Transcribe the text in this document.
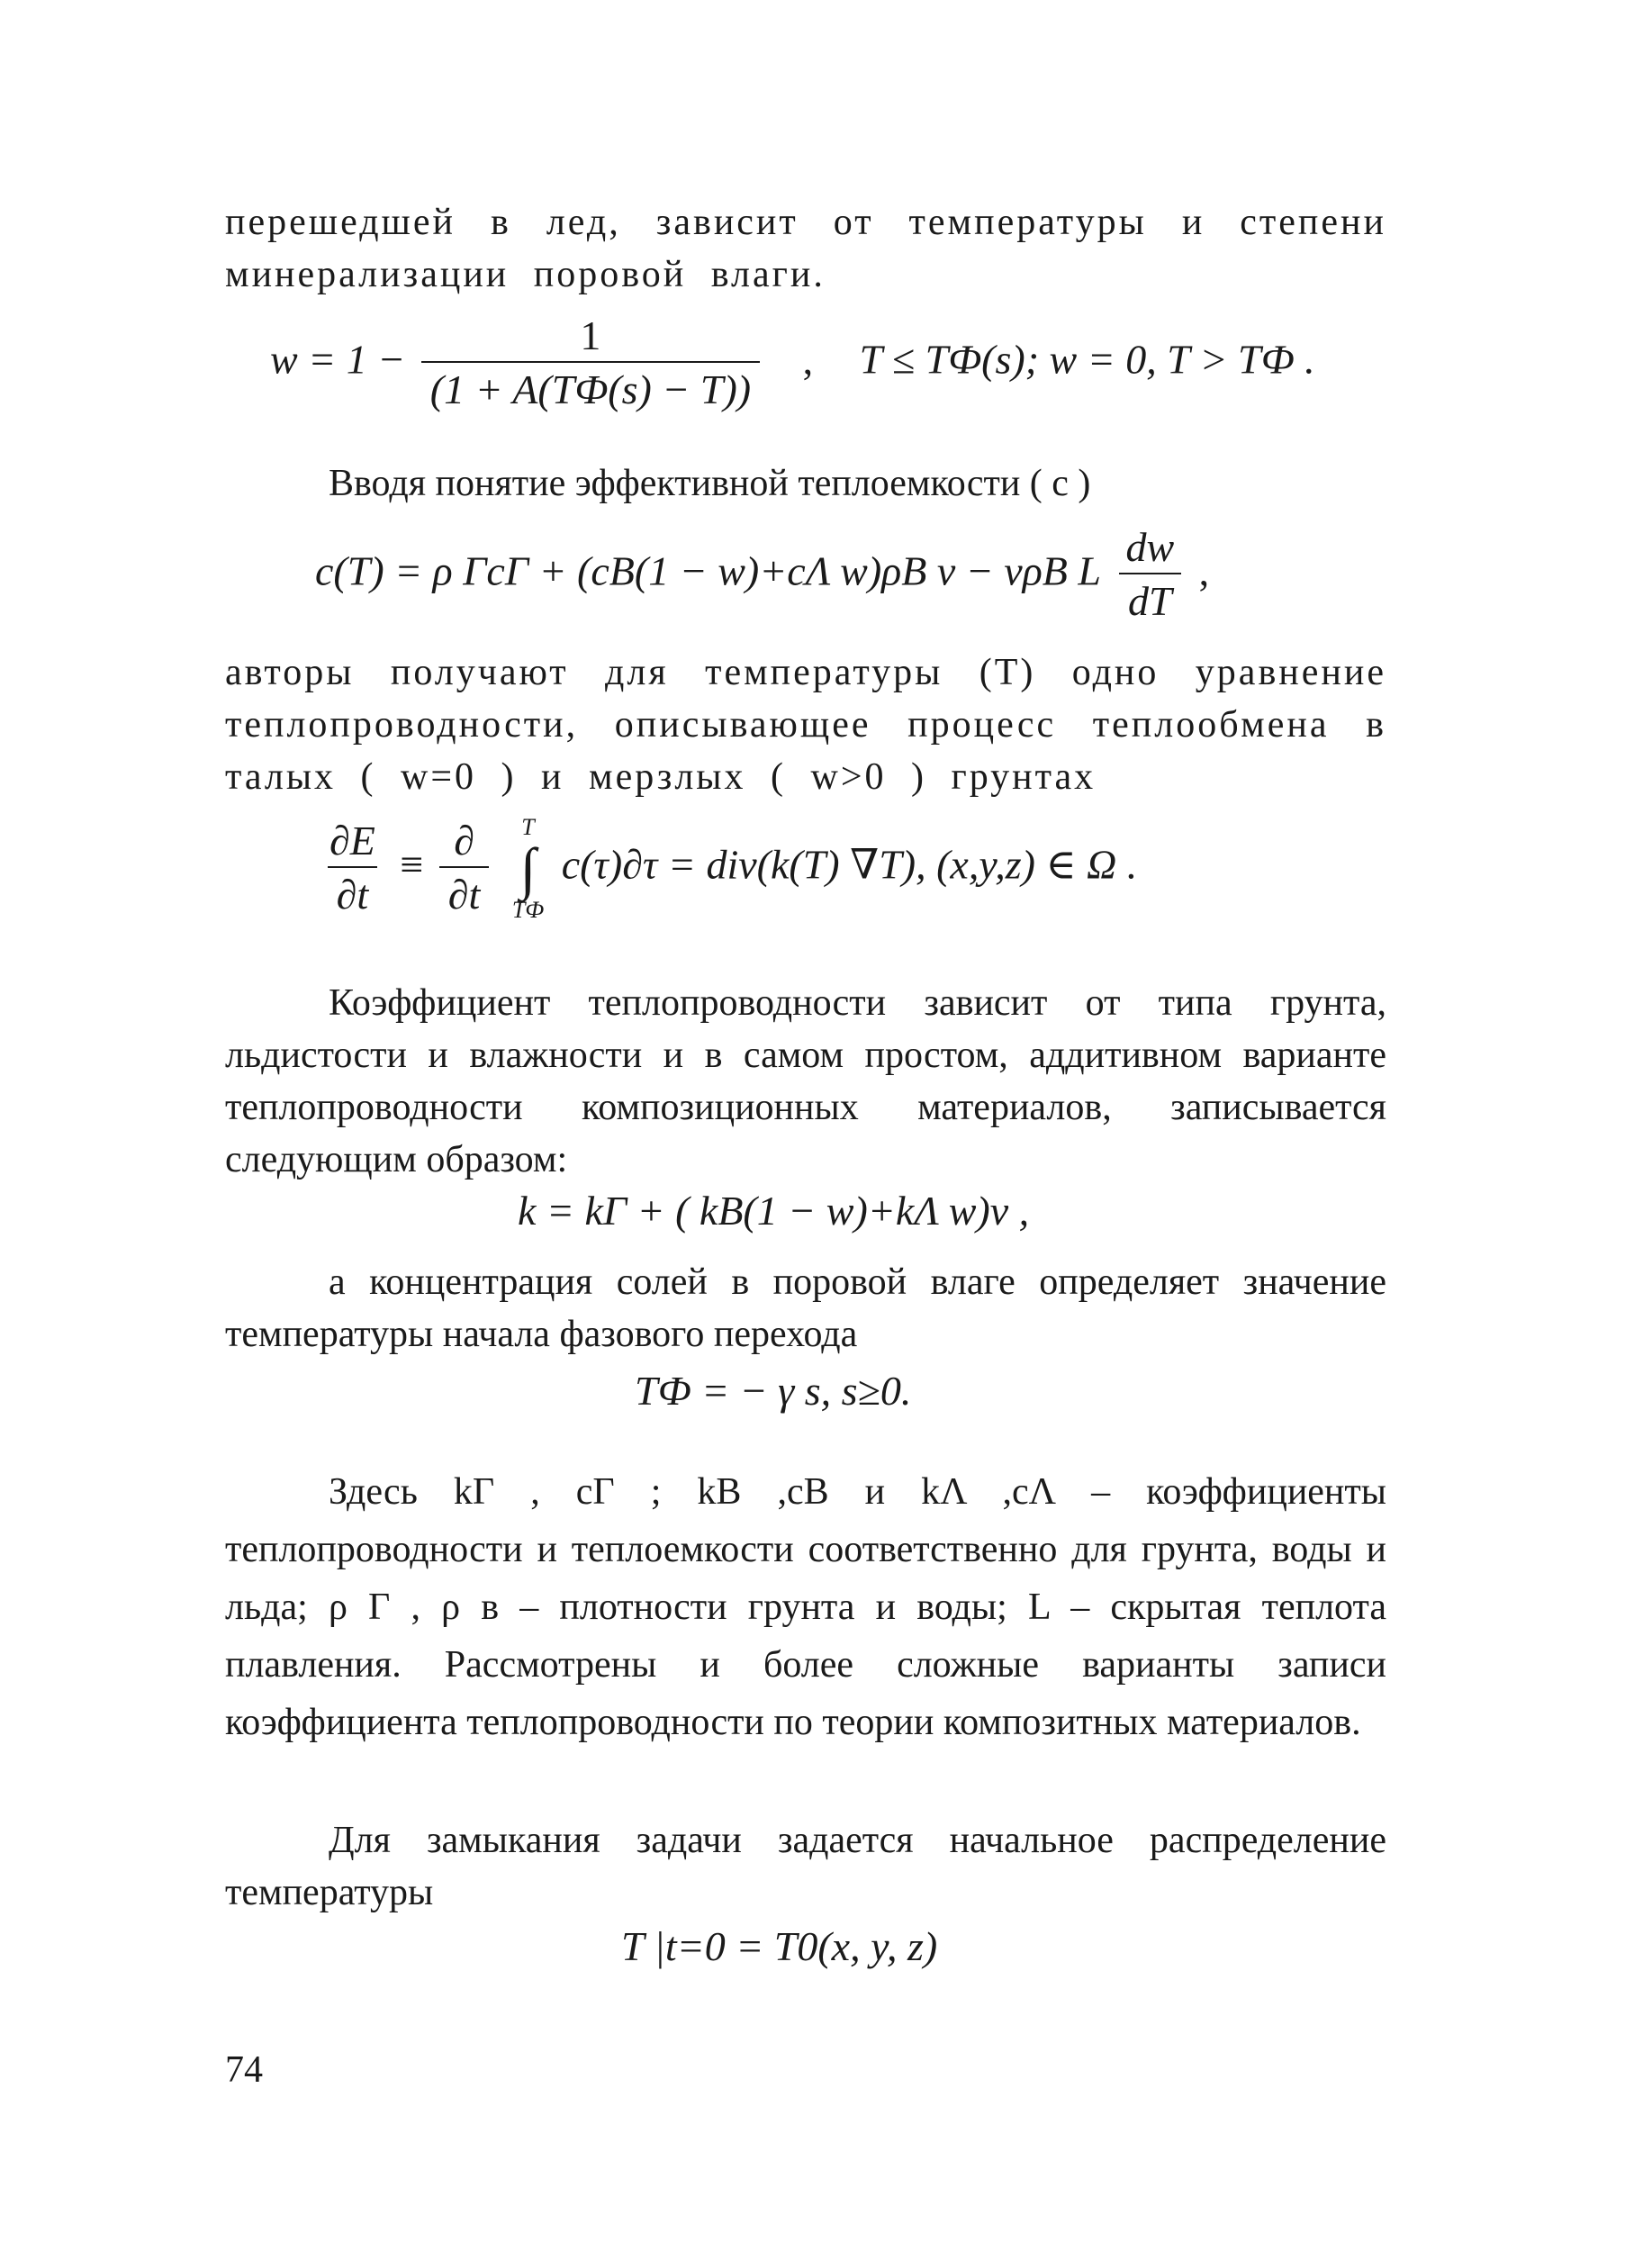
перешедшей в лед, зависит от температуры и степени минерализации поровой влаги.

$w = 1 - \frac{1}{(1 + A(TФ(s) - T))}$ , T ≤ TФ(s); w = 0, T > TФ .

Вводя понятие эффективной теплоемкости ( c )

c(T) = ρ ГcГ + (cВ(1 − w)+cΛ w)ρВ ν − νρВ L $\frac{dw}{dT}$ ,

авторы получают для температуры (T) одно уравнение теплопроводности, описывающее процесс теплообмена в талых ( w=0 ) и мерзлых ( w>0 ) грунтах

$\frac{\partial E}{\partial t} \equiv \frac{\partial}{\partial t}$
T
∫
TФ
c(τ)∂τ = div(k(T) ∇T), (x,y,z) ∈ Ω .

Коэффициент теплопроводности зависит от типа грунта, льдистости и влажности и в самом простом, аддитивном варианте теплопроводности композиционных материалов, записывается следующим образом:

k = kГ + ( kВ(1 − w)+kΛ w)ν ,

а концентрация солей в поровой влаге определяет значение температуры начала фазового перехода

TФ = − γ s, s≥0.

Здесь kГ , cГ ; kВ ,cВ и kΛ ,cΛ – коэффициенты теплопроводности и теплоемкости соответственно для грунта, воды и льда; ρ Г , ρ в – плотности грунта и воды; L – скрытая теплота плавления. Рассмотрены и более сложные варианты записи коэффициента теплопроводности по теории композитных материалов.

Для замыкания задачи задается начальное распределение температуры

T |t=0 = T0(x, y, z)
74
